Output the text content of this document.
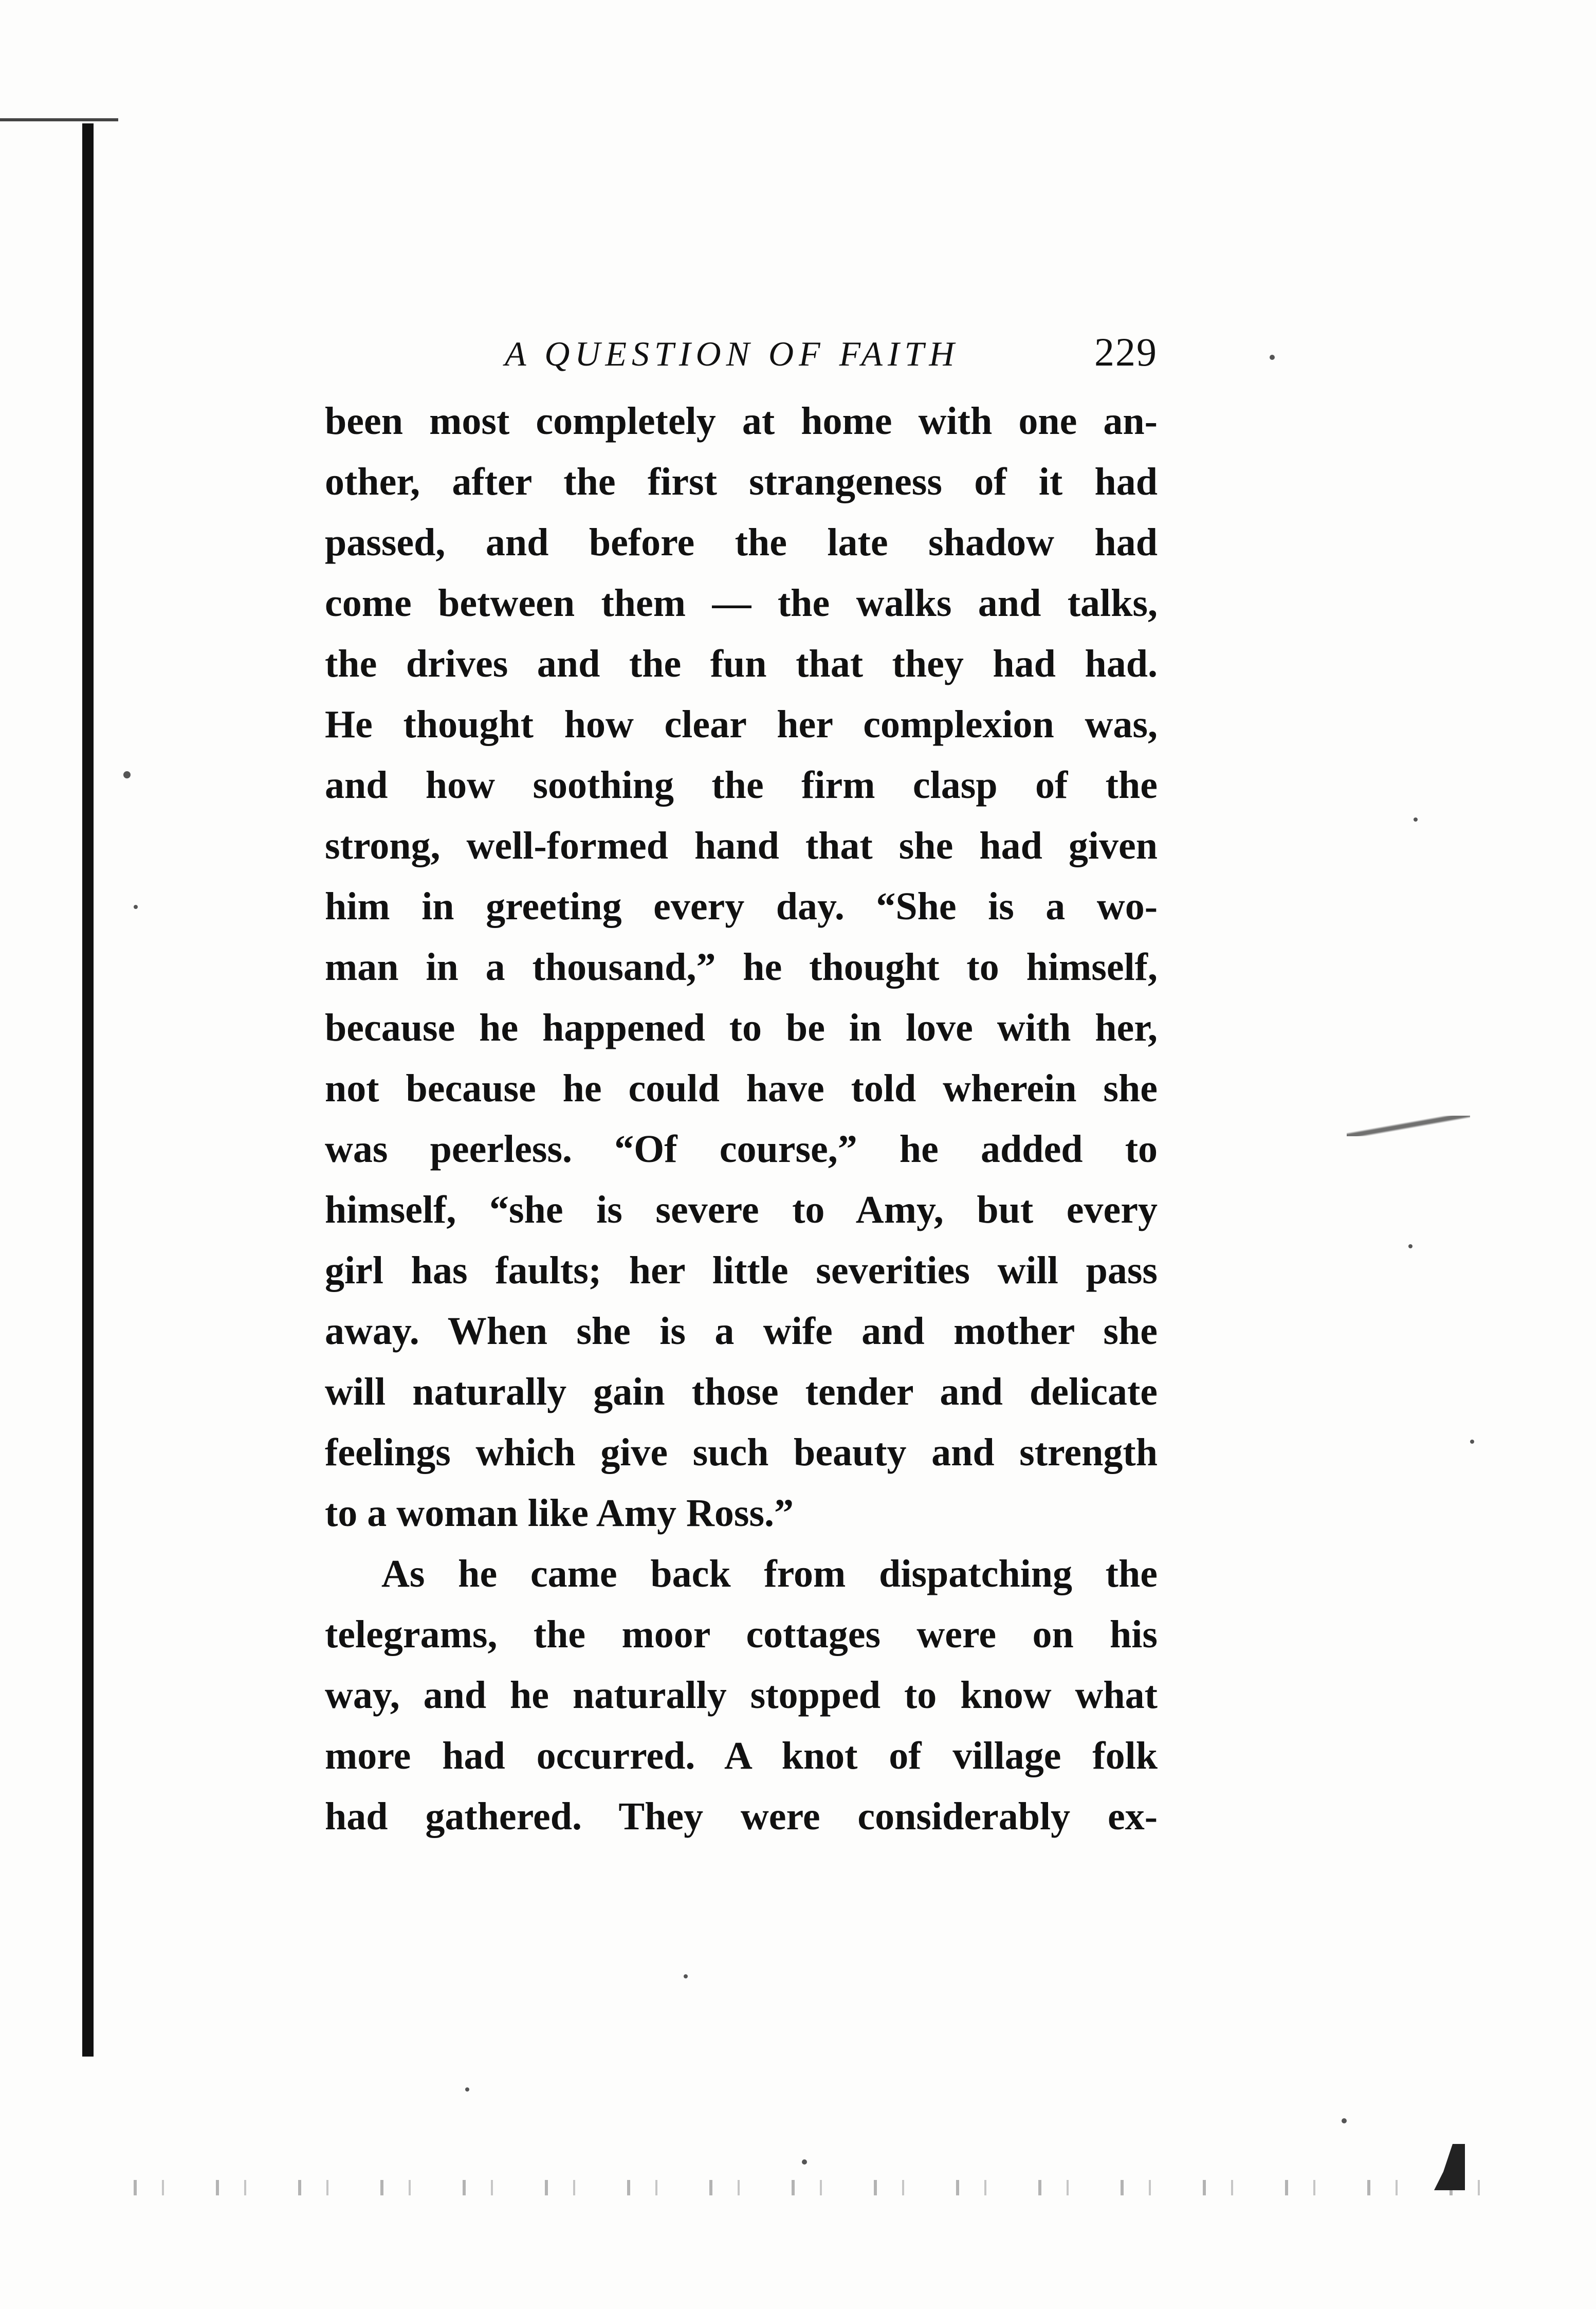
A QUESTION OF FAITH	229
been most completely at home with one an-
other, after the first strangeness of it had
passed, and before the late shadow had
come between them — the walks and talks,
the drives and the fun that they had had.
He thought how clear her complexion was,
and how soothing the firm clasp of the
strong, well-formed hand that she had given
him in greeting every day. “She is a wo-
man in a thousand,” he thought to himself,
because he happened to be in love with her,
not because he could have told wherein she
was peerless. “Of course,” he added to
himself, “she is severe to Amy, but every
girl has faults; her little severities will pass
away. When she is a wife and mother she
will naturally gain those tender and delicate
feelings which give such beauty and strength
to a woman like Amy Ross.”
As he came back from dispatching the
telegrams, the moor cottages were on his
way, and he naturally stopped to know what
more had occurred. A knot of village folk
had gathered. They were considerably ex-
